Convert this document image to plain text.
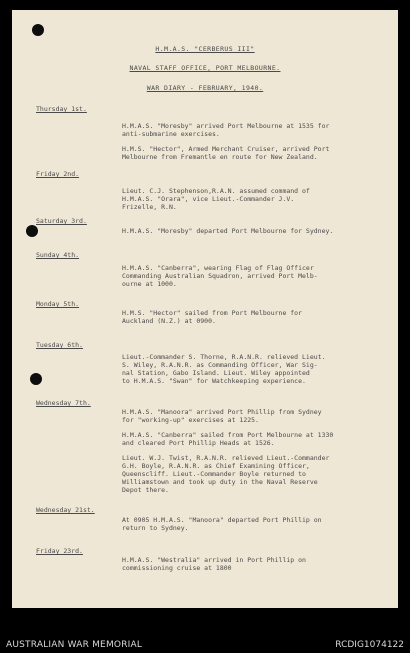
H.M.A.S. "CERBERUS III"
NAVAL STAFF OFFICE, PORT MELBOURNE.
WAR DIARY - FEBRUARY, 1940.
Thursday 1st.
H.M.A.S. "Moresby" arrived Port Melbourne at 1535 for
anti-submarine exercises.
H.M.S. "Hector", Armed Merchant Cruiser, arrived Port
Melbourne from Fremantle en route for New Zealand.
Friday 2nd.
Lieut. C.J. Stephenson,R.A.N. assumed command of
H.M.A.S. "Orara", vice Lieut.-Commander J.V.
Frizelle, R.N.
Saturday 3rd.
H.M.A.S. "Moresby" departed Port Melbourne for Sydney.
Sunday 4th.
H.M.A.S. "Canberra", wearing Flag of Flag Officer
Commanding Australian Squadron, arrived Port Melb-
ourne at 1000.
Monday 5th.
H.M.S. "Hector" sailed from Port Melbourne for
Auckland (N.Z.) at 0900.
Tuesday 6th.
Lieut.-Commander S. Thorne, R.A.N.R. relieved Lieut.
S. Wiley, R.A.N.R. as Commanding Officer, War Sig-
nal Station, Gabo Island. Lieut. Wiley appointed
to H.M.A.S. "Swan" for Watchkeeping experience.
Wednesday 7th.
H.M.A.S. "Manoora" arrived Port Phillip from Sydney
for "working-up" exercises at 1225.
H.M.A.S. "Canberra" sailed from Port Melbourne at 1330
and cleared Port Phillip Heads at 1526.
Lieut. W.J. Twist, R.A.N.R. relieved Lieut.-Commander
G.H. Boyle, R.A.N.R. as Chief Examining Officer,
Queenscliff. Lieut.-Commander Boyle returned to
Williamstown and took up duty in the Naval Reserve
Depot there.
Wednesday 21st.
At 0905 H.M.A.S. "Manoora" departed Port Phillip on
return to Sydney.
Friday 23rd.
H.M.A.S. "Westralia" arrived in Port Phillip on
commissioning cruise at 1800
AUSTRALIAN WAR MEMORIAL	RCDIG1074122
